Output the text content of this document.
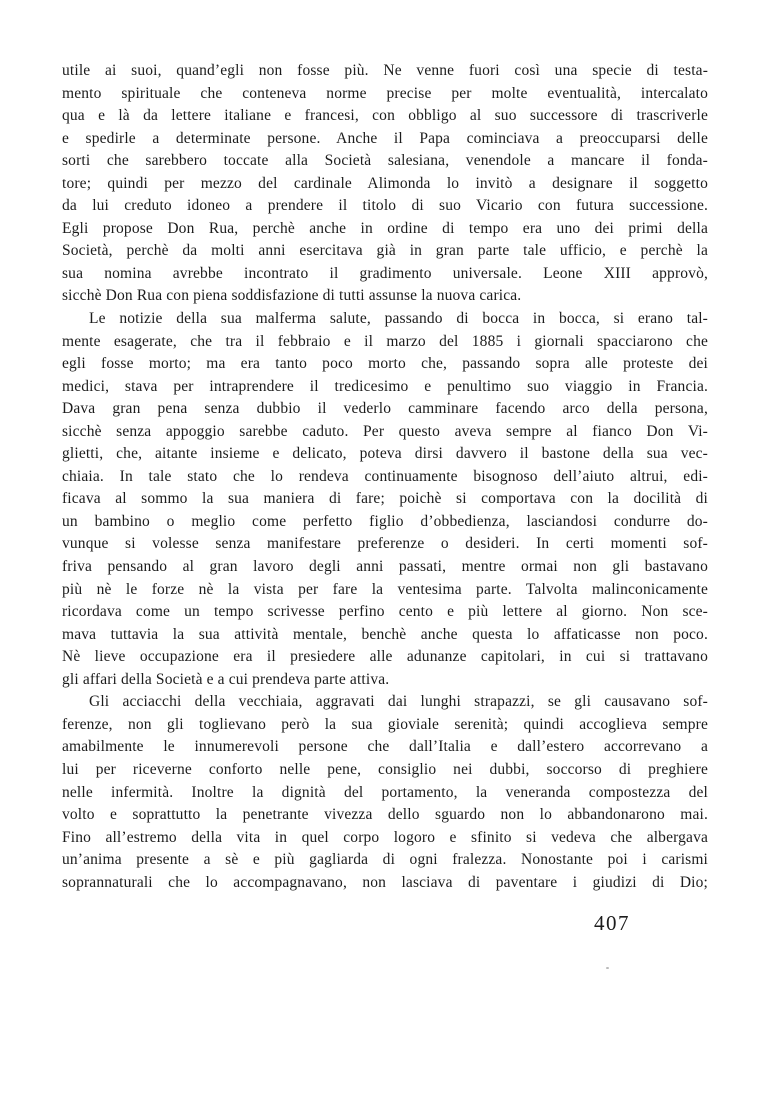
utile ai suoi, quand’egli non fosse più. Ne venne fuori così una specie di testa-
mento spirituale che conteneva norme precise per molte eventualità, intercalato
qua e là da lettere italiane e francesi, con obbligo al suo successore di trascriverle
e spedirle a determinate persone. Anche il Papa cominciava a preoccuparsi delle
sorti che sarebbero toccate alla Società salesiana, venendole a mancare il fonda-
tore; quindi per mezzo del cardinale Alimonda lo invitò a designare il soggetto
da lui creduto idoneo a prendere il titolo di suo Vicario con futura successione.
Egli propose Don Rua, perchè anche in ordine di tempo era uno dei primi della
Società, perchè da molti anni esercitava già in gran parte tale ufficio, e perchè la
sua nomina avrebbe incontrato il gradimento universale. Leone XIII approvò,
sicchè Don Rua con piena soddisfazione di tutti assunse la nuova carica.
Le notizie della sua malferma salute, passando di bocca in bocca, si erano tal-
mente esagerate, che tra il febbraio e il marzo del 1885 i giornali spacciarono che
egli fosse morto; ma era tanto poco morto che, passando sopra alle proteste dei
medici, stava per intraprendere il tredicesimo e penultimo suo viaggio in Francia.
Dava gran pena senza dubbio il vederlo camminare facendo arco della persona,
sicchè senza appoggio sarebbe caduto. Per questo aveva sempre al fianco Don Vi-
glietti, che, aitante insieme e delicato, poteva dirsi davvero il bastone della sua vec-
chiaia. In tale stato che lo rendeva continuamente bisognoso dell’aiuto altrui, edi-
ficava al sommo la sua maniera di fare; poichè si comportava con la docilità di
un bambino o meglio come perfetto figlio d’obbedienza, lasciandosi condurre do-
vunque si volesse senza manifestare preferenze o desideri. In certi momenti sof-
friva pensando al gran lavoro degli anni passati, mentre ormai non gli bastavano
più nè le forze nè la vista per fare la ventesima parte. Talvolta malinconicamente
ricordava come un tempo scrivesse perfino cento e più lettere al giorno. Non sce-
mava tuttavia la sua attività mentale, benchè anche questa lo affaticasse non poco.
Nè lieve occupazione era il presiedere alle adunanze capitolari, in cui si trattavano
gli affari della Società e a cui prendeva parte attiva.
Gli acciacchi della vecchiaia, aggravati dai lunghi strapazzi, se gli causavano sof-
ferenze, non gli toglievano però la sua gioviale serenità; quindi accoglieva sempre
amabilmente le innumerevoli persone che dall’Italia e dall’estero accorrevano a
lui per riceverne conforto nelle pene, consiglio nei dubbi, soccorso di preghiere
nelle infermità. Inoltre la dignità del portamento, la veneranda compostezza del
volto e soprattutto la penetrante vivezza dello sguardo non lo abbandonarono mai.
Fino all’estremo della vita in quel corpo logoro e sfinito si vedeva che albergava
un’anima presente a sè e più gagliarda di ogni fralezza. Nonostante poi i carismi
soprannaturali che lo accompagnavano, non lasciava di paventare i giudizi di Dio;
407
